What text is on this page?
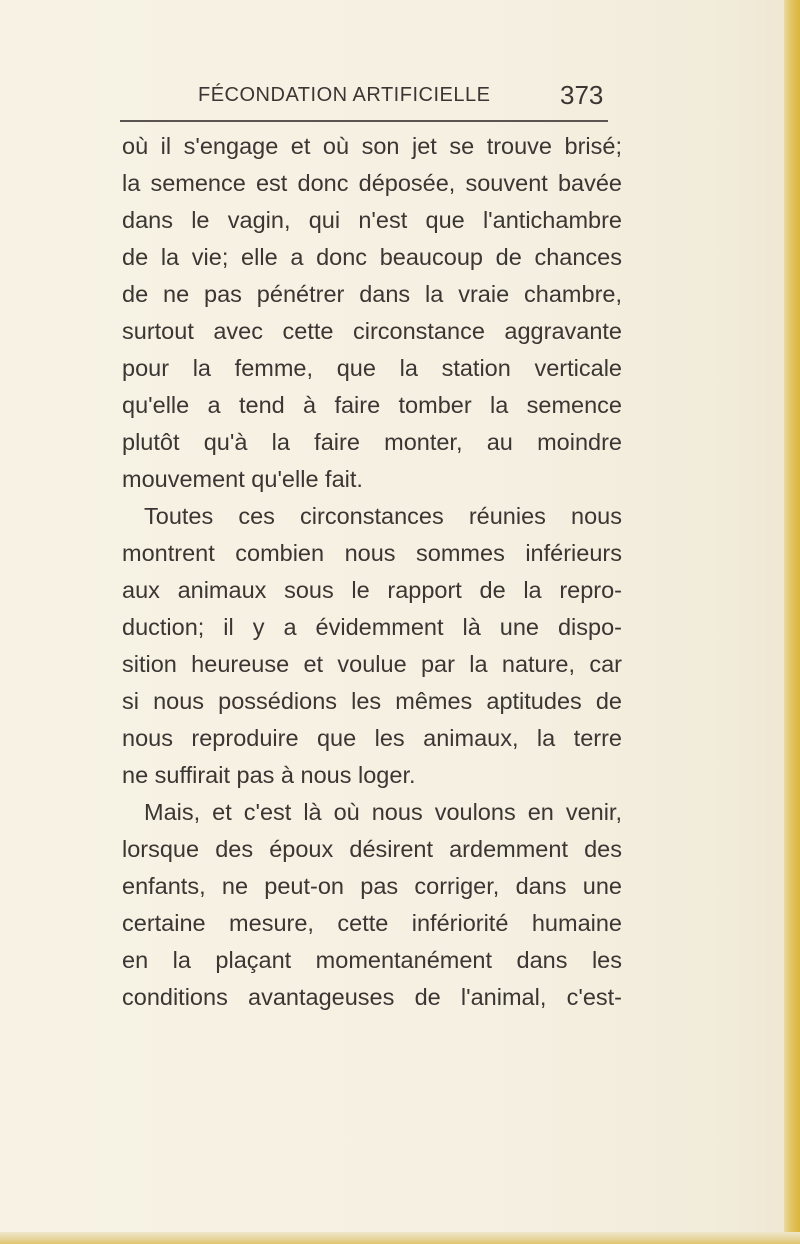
FÉCONDATION ARTIFICIELLE	373
où il s'engage et où son jet se trouve brisé;
la semence est donc déposée, souvent bavée
dans le vagin, qui n'est que l'antichambre
de la vie; elle a donc beaucoup de chances
de ne pas pénétrer dans la vraie chambre,
surtout avec cette circonstance aggravante
pour la femme, que la station verticale
qu'elle a tend à faire tomber la semence
plutôt qu'à la faire monter, au moindre
mouvement qu'elle fait.
Toutes ces circonstances réunies nous
montrent combien nous sommes inférieurs
aux animaux sous le rapport de la repro-
duction; il y a évidemment là une dispo-
sition heureuse et voulue par la nature, car
si nous possédions les mêmes aptitudes de
nous reproduire que les animaux, la terre
ne suffirait pas à nous loger.
Mais, et c'est là où nous voulons en venir,
lorsque des époux désirent ardemment des
enfants, ne peut-on pas corriger, dans une
certaine mesure, cette infériorité humaine
en la plaçant momentanément dans les
conditions avantageuses de l'animal, c'est-
